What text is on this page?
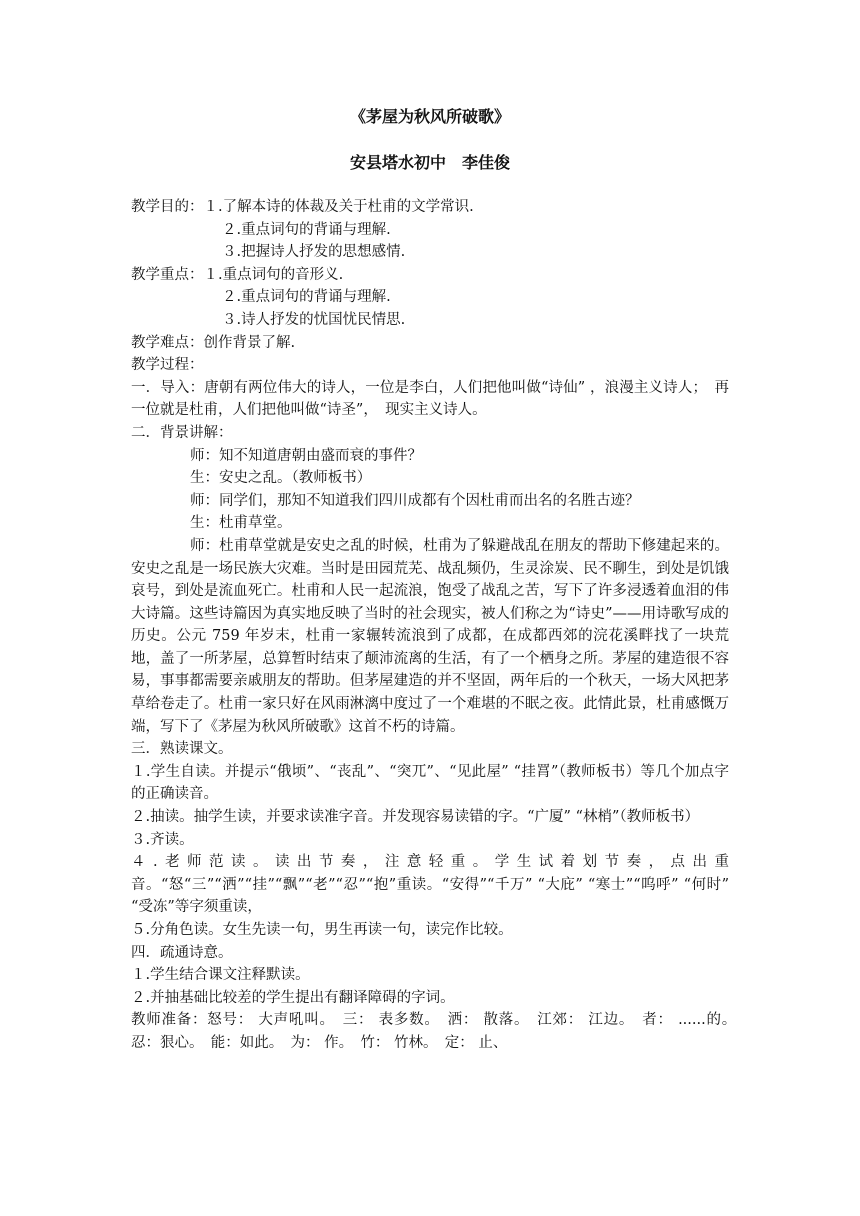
《茅屋为秋风所破歌》
安县塔水初中　李佳俊

教学目的：１.了解本诗的体裁及关于杜甫的文学常识.

２.重点词句的背诵与理解.

３.把握诗人抒发的思想感情.

教学重点：１.重点词句的音形义.

２.重点词句的背诵与理解.

３.诗人抒发的忧国忧民情思.

教学难点：创作背景了解.

教学过程：

一．导入：唐朝有两位伟大的诗人，一位是李白，人们把他叫做“诗仙” ，浪漫主义诗人；　再一位就是杜甫，人们把他叫做“诗圣”，　现实主义诗人。

二．背景讲解：

师：知不知道唐朝由盛而衰的事件？

生：安史之乱。（教师板书）

师：同学们，那知不知道我们四川成都有个因杜甫而出名的名胜古迹？

生：杜甫草堂。

师：杜甫草堂就是安史之乱的时候，杜甫为了躲避战乱在朋友的帮助下修建起来的。安史之乱是一场民族大灾难。当时是田园荒芜、战乱频仍，生灵涂炭、民不聊生，到处是饥饿哀号，到处是流血死亡。杜甫和人民一起流浪，饱受了战乱之苦，写下了许多浸透着血泪的伟大诗篇。这些诗篇因为真实地反映了当时的社会现实，被人们称之为“诗史”——用诗歌写成的历史。公元 759 年岁末，杜甫一家辗转流浪到了成都，在成都西郊的浣花溪畔找了一块荒地，盖了一所茅屋，总算暂时结束了颠沛流离的生活，有了一个栖身之所。茅屋的建造很不容易，事事都需要亲戚朋友的帮助。但茅屋建造的并不坚固，两年后的一个秋天，一场大风把茅草给卷走了。杜甫一家只好在风雨淋漓中度过了一个难堪的不眠之夜。此情此景，杜甫感慨万端，写下了《茅屋为秋风所破歌》这首不朽的诗篇。

三．熟读课文。

１.学生自读。并提示“俄顷”、“丧乱”、“突兀”、“见此屋” “挂罥”（教师板书）等几个加点字的正确读音。

２.抽读。抽学生读，并要求读准字音。并发现容易读错的字。“广厦” “林梢”（教师板书）

３.齐读。

４.老师范读。读出节奏，注意轻重。学生试着划节奏，点出重音。“怒“三”“洒”“挂”“飘”“老”“忍”“抱”重读。“安得”“千万” “大庇” “寒士”“呜呼” “何时” “受冻”等字须重读，

５.分角色读。女生先读一句，男生再读一句，读完作比较。

四．疏通诗意。

１.学生结合课文注释默读。

２.并抽基础比较差的学生提出有翻译障碍的字词。

教师准备：怒号： 大声吼叫。　三： 表多数。　洒： 散落。　江郊： 江边。　者： ......的。　忍：狠心。　能：如此。　为： 作。　竹： 竹林。　定： 止、
